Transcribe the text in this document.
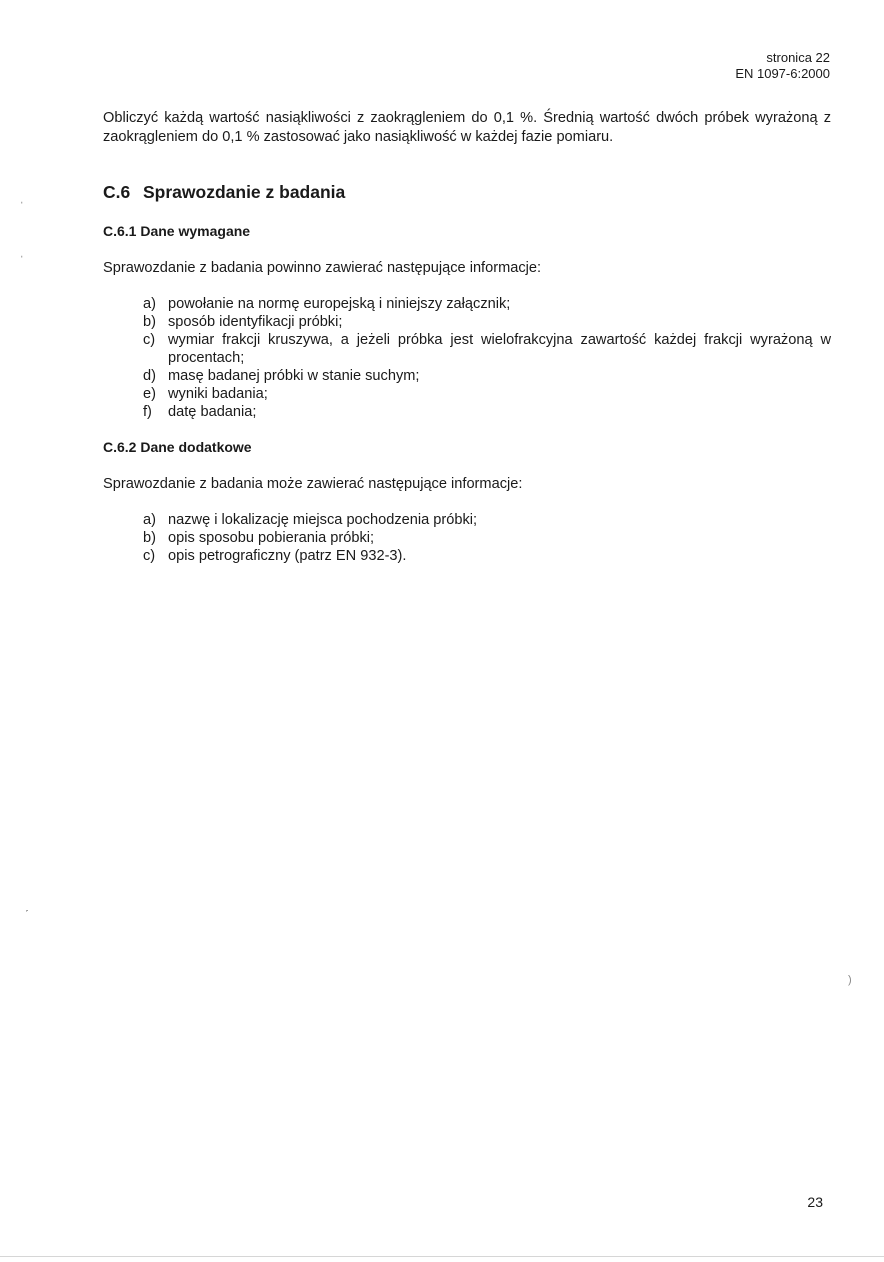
stronica 22
EN 1097-6:2000

Obliczyć każdą wartość nasiąkliwości z zaokrągleniem do 0,1 %. Średnią wartość dwóch próbek wyrażoną z zaokrągleniem do 0,1 % zastosować jako nasiąkliwość w każdej fazie pomiaru.

C.6 Sprawozdanie z badania
C.6.1 Dane wymagane

Sprawozdanie z badania powinno zawierać następujące informacje:

a) powołanie na normę europejską i niniejszy załącznik;
b) sposób identyfikacji próbki;
c) wymiar frakcji kruszywa, a jeżeli próbka jest wielofrakcyjna zawartość każdej frakcji wyrażoną w procentach;
d) masę badanej próbki w stanie suchym;
e) wyniki badania;
f)	datę badania;
C.6.2 Dane dodatkowe

Sprawozdanie z badania może zawierać następujące informacje:

a) nazwę i lokalizację miejsca pochodzenia próbki;
b) opis sposobu pobierania próbki;
c) opis petrograficzny (patrz EN 932-3).
23
ˈ
ˈ
ˊ
)
